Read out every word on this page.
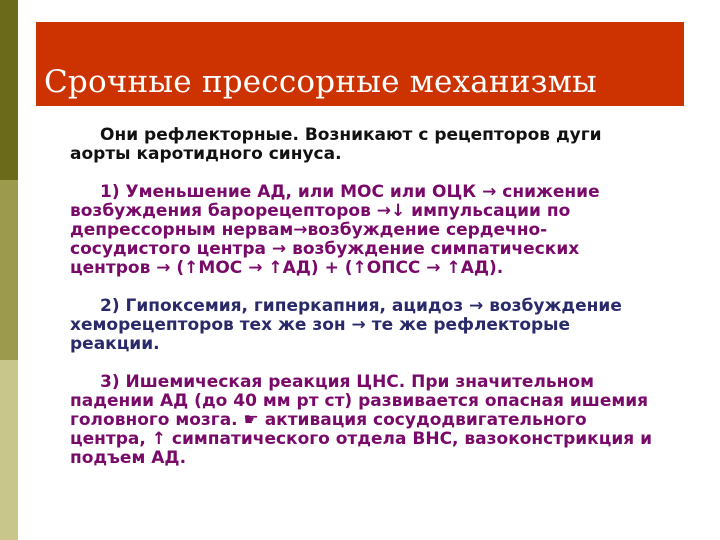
Срочные прессорные механизмы

Они рефлекторные. Возникают с рецепторов дуги аорты каротидного синуса.

1) Уменьшение АД, или МОС или ОЦК → снижение возбуждения барорецепторов →↓ импульсации по депрессорным нервам→возбуждение сердечно-сосудистого центра → возбуждение симпатических центров → (↑МОС → ↑АД) + (↑ОПСС → ↑АД).

2) Гипоксемия, гиперкапния, ацидоз → возбуждение хеморецепторов тех же зон → те же рефлекторые реакции.

3) Ишемическая реакция ЦНС. При значительном падении АД (до 40 мм рт ст) развивается опасная ишемия головного мозга. ☛ активация сосудодвигательного центра, ↑ симпатического отдела ВНС, вазоконстрикция и подъем АД.
